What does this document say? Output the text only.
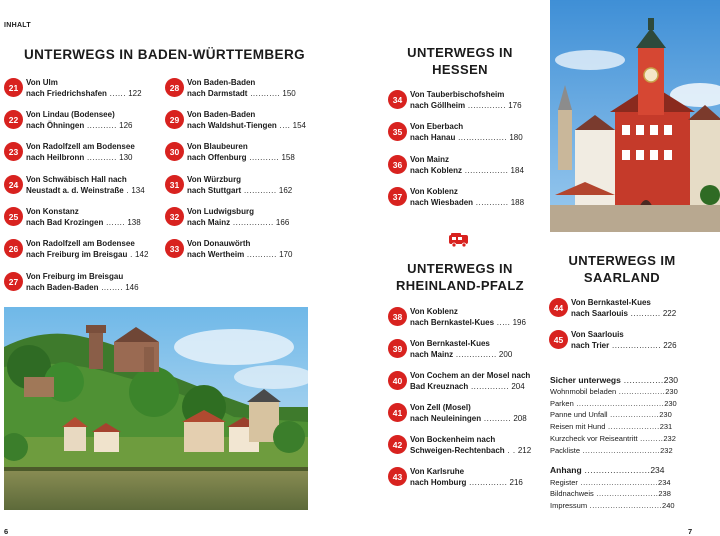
INHALT
UNTERWEGS IN BADEN-WÜRTTEMBERG
21 Von Ulm
nach Friedrichshafen ...... 122
22 Von Lindau (Bodensee)
nach Öhningen ........... 126
23 Von Radolfzell am Bodensee
nach Heilbronn ........... 130
24 Von Schwäbisch Hall nach
Neustadt a. d. Weinstraße . 134
25 Von Konstanz
nach Bad Krozingen ....... 138
26 Von Radolfzell am Bodensee
nach Freiburg im Breisgau . 142
27 Von Freiburg im Breisgau
nach Baden-Baden ........ 146
28 Von Baden-Baden
nach Darmstadt ........... 150
29 Von Baden-Baden
nach Waldshut-Tiengen .... 154
30 Von Blaubeuren
nach Offenburg ........... 158
31 Von Würzburg
nach Stuttgart ............ 162
32 Von Ludwigsburg
nach Mainz ............... 166
33 Von Donauwörth
nach Wertheim ........... 170
34 Von Tauberbischofsheim
nach Göllheim .............. 176
35 Von Eberbach
nach Hanau .................. 180
36 Von Mainz
nach Koblenz ................ 184
37 Von Koblenz
nach Wiesbaden ............ 188
38 Von Koblenz
nach Bernkastel-Kues ..... 196
39 Von Bernkastel-Kues
nach Mainz ............... 200
40 Von Cochem an der Mosel nach
Bad Kreuznach .............. 204
41 Von Zell (Mosel)
nach Neuleiningen .......... 208
42 Von Bockenheim nach
Schweigen-Rechtenbach . . 212
43 Von Karlsruhe
nach Homburg .............. 216
44 Von Bernkastel-Kues
nach Saarlouis ........... 222
45 Von Saarlouis
nach Trier .................. 226
UNTERWEGS IN
HESSEN
UNTERWEGS IN
RHEINLAND-PFALZ
UNTERWEGS IM
SAARLAND
Sicher unterwegs ..............230
Wohnmobil beladen ..................230
Parken ..................................230
Panne und Unfall ...................230
Reisen mit Hund ....................231
Kurzcheck vor Reiseantritt .........232
Packliste ..............................232
Anhang .......................234
Register ..............................234
Bildnachweis ........................238
Impressum ............................240
6	7
